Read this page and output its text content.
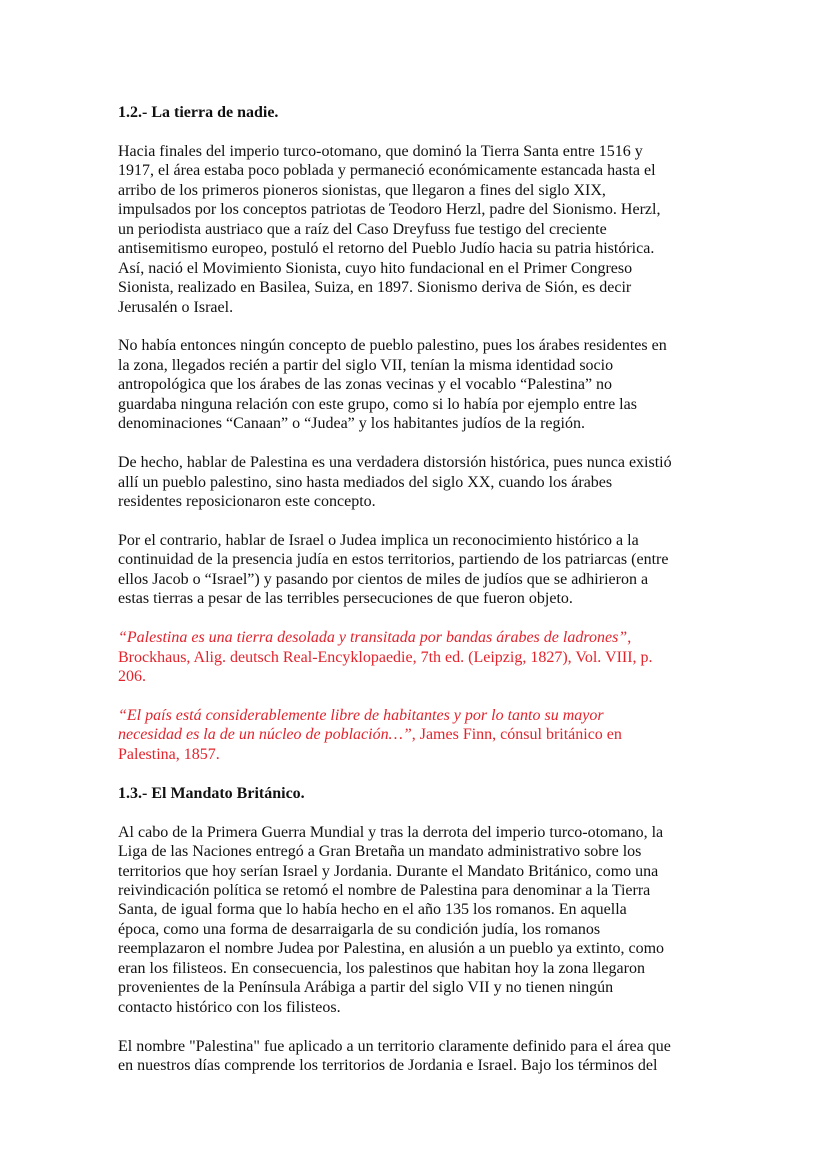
1.2.- La tierra de nadie.
Hacia finales del imperio turco-otomano, que dominó la Tierra Santa entre 1516 y
1917, el área estaba poco poblada y permaneció económicamente estancada hasta el
arribo de los primeros pioneros sionistas, que llegaron a fines del siglo XIX,
impulsados por los conceptos patriotas de Teodoro Herzl, padre del Sionismo. Herzl,
un periodista austriaco que a raíz del Caso Dreyfuss fue testigo del creciente
antisemitismo europeo, postuló el retorno del Pueblo Judío hacia su patria histórica.
Así, nació el Movimiento Sionista, cuyo hito fundacional en el Primer Congreso
Sionista, realizado en Basilea, Suiza, en 1897. Sionismo deriva de Sión, es decir
Jerusalén o Israel.
No había entonces ningún concepto de pueblo palestino, pues los árabes residentes en
la zona, llegados recién a partir del siglo VII, tenían la misma identidad socio
antropológica que los árabes de las zonas vecinas y el vocablo “Palestina” no
guardaba ninguna relación con este grupo, como si lo había por ejemplo entre las
denominaciones “Canaan” o “Judea” y los habitantes judíos de la región.
De hecho, hablar de Palestina es una verdadera distorsión histórica, pues nunca existió
allí un pueblo palestino, sino hasta mediados del siglo XX, cuando los árabes
residentes reposicionaron este concepto.
Por el contrario, hablar de Israel o Judea implica un reconocimiento histórico a la
continuidad de la presencia judía en estos territorios, partiendo de los patriarcas (entre
ellos Jacob o “Israel”) y pasando por cientos de miles de judíos que se adhirieron a
estas tierras a pesar de las terribles persecuciones de que fueron objeto.
“Palestina es una tierra desolada y transitada por bandas árabes de ladrones”,
Brockhaus, Alig. deutsch Real-Encyklopaedie, 7th ed. (Leipzig, 1827), Vol. VIII, p.
206.
“El país está considerablemente libre de habitantes y por lo tanto su mayor
necesidad es la de un núcleo de población…”, James Finn, cónsul británico en
Palestina, 1857.
1.3.- El Mandato Británico.
Al cabo de la Primera Guerra Mundial y tras la derrota del imperio turco-otomano, la
Liga de las Naciones entregó a Gran Bretaña un mandato administrativo sobre los
territorios que hoy serían Israel y Jordania. Durante el Mandato Británico, como una
reivindicación política se retomó el nombre de Palestina para denominar a la Tierra
Santa, de igual forma que lo había hecho en el año 135 los romanos. En aquella
época, como una forma de desarraigarla de su condición judía, los romanos
reemplazaron el nombre Judea por Palestina, en alusión a un pueblo ya extinto, como
eran los filisteos. En consecuencia, los palestinos que habitan hoy la zona llegaron
provenientes de la Península Arábiga a partir del siglo VII y no tienen ningún
contacto histórico con los filisteos.
El nombre "Palestina" fue aplicado a un territorio claramente definido para el área que
en nuestros días comprende los territorios de Jordania e Israel. Bajo los términos del
